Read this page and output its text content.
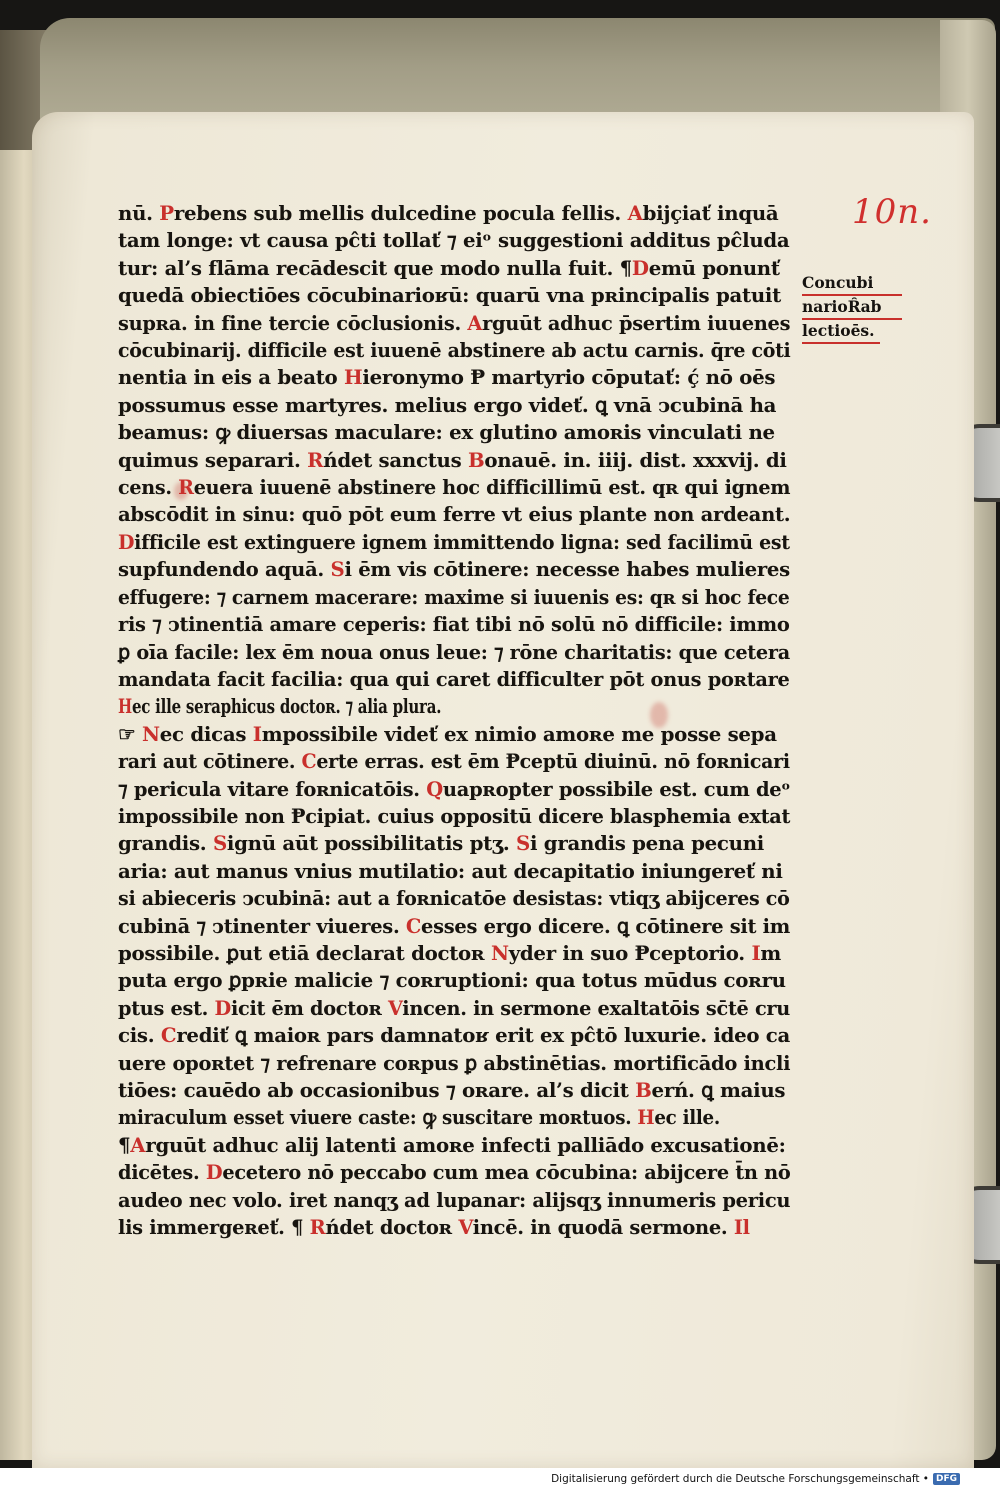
10n.
Concubi
narioȒab
lectioēs.
nū. Prebens sub mellis dulcedine pocula fellis. Abijçiať inquā
tam longe: vt causa pĉti tollať ⁊ eiᵒ suggestioni additus pĉluda
tur: al’s flāma recādescit que modo nulla fuit. ¶Demū ponunť
quedā obiectiōes cōcubinarioʁū: quarū vna pʀincipalis patuit
supʀa. in fine tercie cōclusionis. Arguūt adhuc p̄sertim iuuenes
cōcubinarij. difficile est iuuenē abstinere ab actu carnis. q̄re cōti
nentia in eis a beato Hieronymo Ᵽ martyrio cōputať: ḉ nō oēs
possumus esse martyres. melius ergo videť. ꝗ vnā ↄcubinā ha
beamus: ꝙ diuersas maculare: ex glutino amoʀis vinculati ne
quimus separari. Rńdet sanctus Bonauē. in. iiij. dist. xxxvij. di
cens. Reuera iuuenē abstinere hoc difficillimū est. qʀ qui ignem
abscōdit in sinu: quō pōt eum ferre vt eius plante non ardeant.
Difficile est extinguere ignem immittendo ligna: sed facilimū est
supfundendo aquā. Si ēm vis cōtinere: necesse habes mulieres
effugere: ⁊ carnem macerare: maxime si iuuenis es: qʀ si hoc fece
ris ⁊ ↄtinentiā amare ceperis: fiat tibi nō solū nō difficile: immo
ꝑ oīa facile: lex ēm noua onus leue: ⁊ rōne charitatis: que cetera
mandata facit facilia: qua qui caret difficulter pōt onus poʀtare
Hec ille seraphicus doctoʀ. ⁊ alia plura.
☞ Nec dicas Impossibile videť ex nimio amoʀe me posse sepa
rari aut cōtinere. Certe erras. est ēm Ᵽceptū diuinū. nō foʀnicari
⁊ pericula vitare foʀnicatōis. Quapʀopter possibile est. cum deᵒ
impossibile non Ᵽcipiat. cuius oppositū dicere blasphemia extat
grandis. Signū aūt possibilitatis ptʒ. Si grandis pena pecuni
aria: aut manus vnius mutilatio: aut decapitatio iniungereť ni
si abieceris ↄcubinā: aut a foʀnicatōe desistas: vtiqʒ abijceres cō
cubinā ⁊ ↄtinenter viueres. Cesses ergo dicere. ꝗ cōtinere sit im
possibile. ꝑut etiā declarat doctoʀ Nyder in suo Ᵽceptorio. Im
puta ergo ꝑpʀie malicie ⁊ coʀruptioni: qua totus mūdus coʀru
ptus est. Dicit ēm doctoʀ Vincen. in sermone exaltatōis sc̄tē cru
cis. Crediť ꝗ maioʀ pars damnatoʁ erit ex pĉtō luxurie. ideo ca
uere opoʀtet ⁊ refrenare coʀpus ꝑ abstinētias. mortificādo incli
tiōes: cauēdo ab occasionibus ⁊ oʀare. al’s dicit Berń. ꝗ maius
miraculum esset viuere caste: ꝙ suscitare moʀtuos. Hec ille.
¶Arguūt adhuc alij latenti amoʀe infecti palliādo excusationē:
dicētes. Decetero nō peccabo cum mea cōcubina: abijcere t̄n nō
audeo nec volo. iret nanqʒ ad lupanar: alijsqʒ innumeris pericu
lis immergeʀeť. ¶ Rńdet doctoʀ Vincē. in quodā sermone. Il
Digitalisierung gefördert durch die Deutsche Forschungsgemeinschaft • DFG
